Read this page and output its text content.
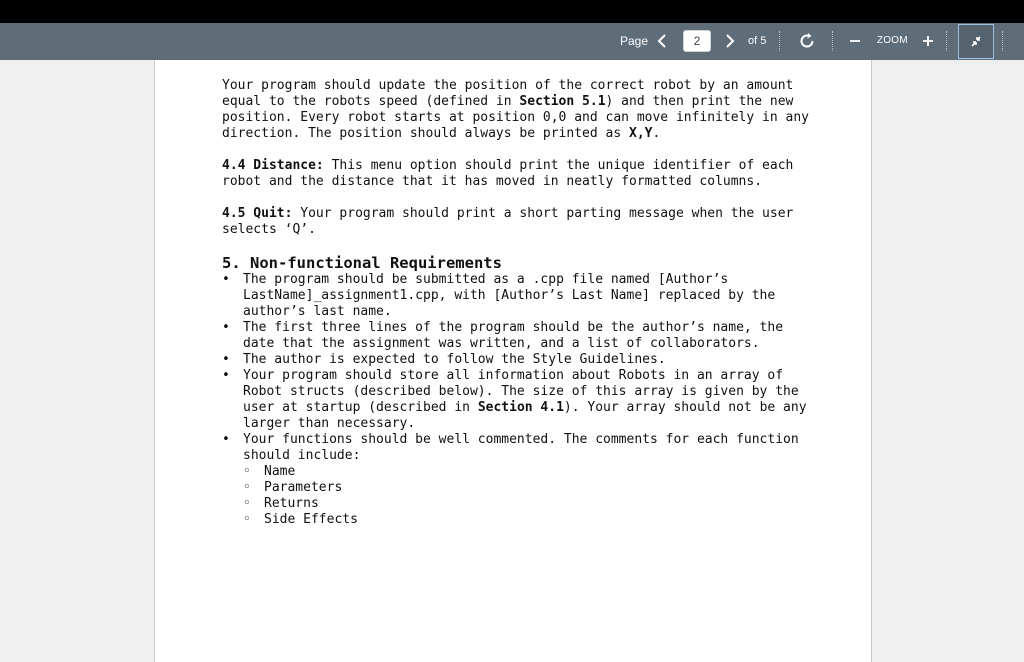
Page	2	of 5	ZOOM

Your program should update the position of the correct robot by an amount equal to the robots speed (defined in Section 5.1) and then print the new position. Every robot starts at position 0,0 and can move infinitely in any direction. The position should always be printed as X,Y.

4.4 Distance: This menu option should print the unique identifier of each robot and the distance that it has moved in neatly formatted columns.

4.5 Quit: Your program should print a short parting message when the user selects ‘Q’.

5. Non-functional Requirements
• The program should be submitted as a .cpp file named [Author’s LastName]_assignment1.cpp, with [Author’s Last Name] replaced by the author’s last name.
• The first three lines of the program should be the author’s name, the date that the assignment was written, and a list of collaborators.
• The author is expected to follow the Style Guidelines.
• Your program should store all information about Robots in an array of Robot structs (described below). The size of this array is given by the user at startup (described in Section 4.1). Your array should not be any larger than necessary.
• Your functions should be well commented. The comments for each function should include:
◦ Name
◦ Parameters
◦ Returns
◦ Side Effects
